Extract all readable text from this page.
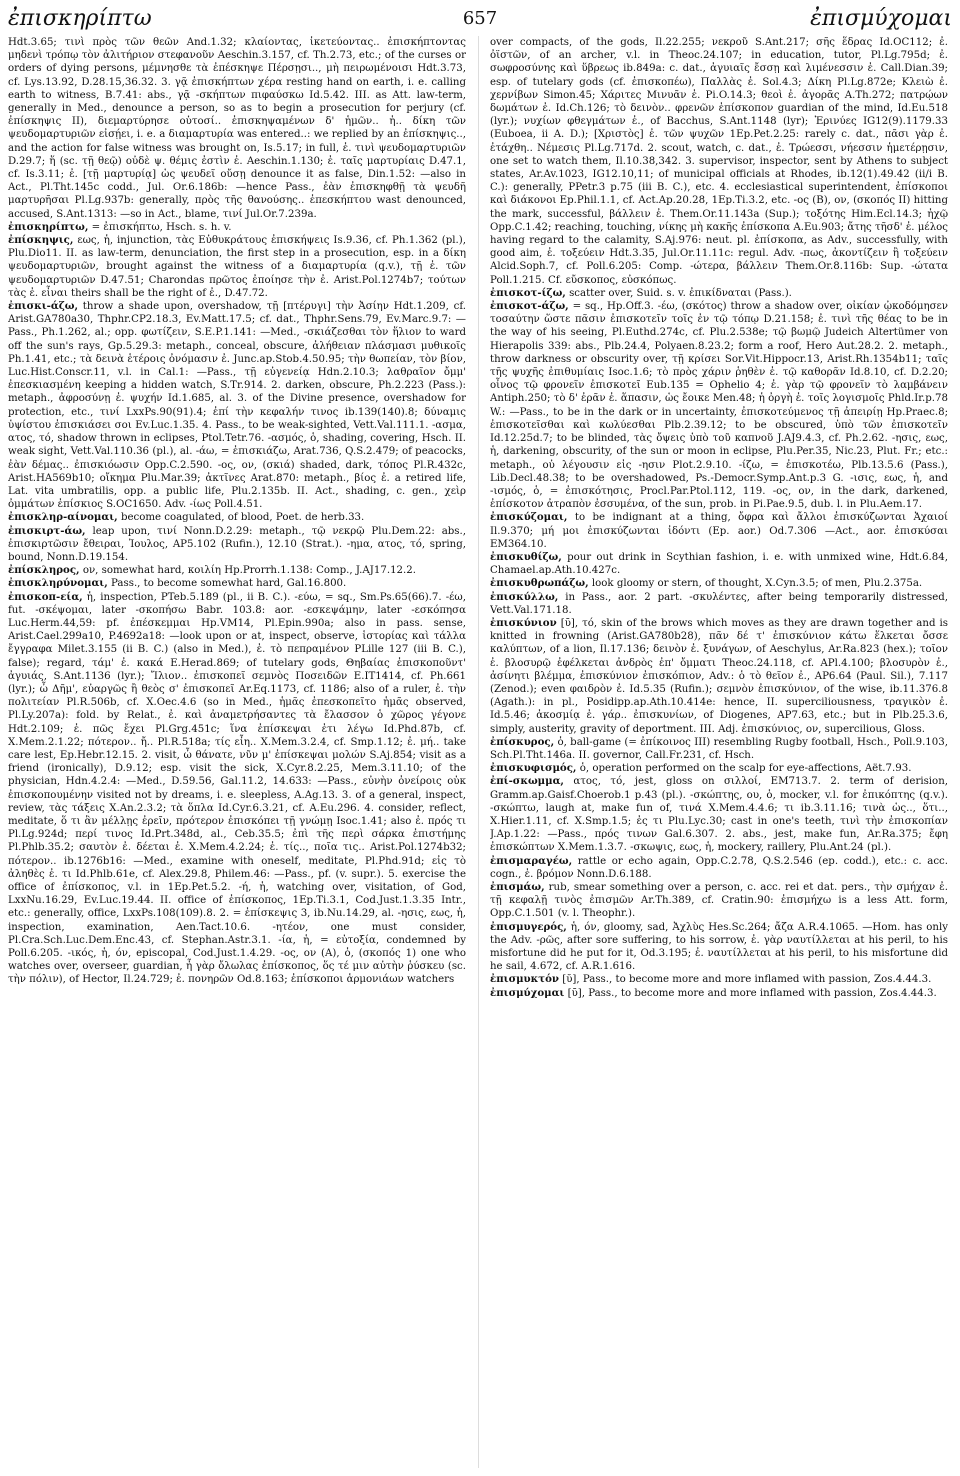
ἐπισκηρίπτω	657	ἐπισμύχομαι

Hdt.3.65; τινὶ πρὸς τῶν θεῶν And.1.32; κλαίοντας, ἱκετεύοντας.. ἐπισκήπτοντας μηδενὶ τρόπῳ τὸν ἀλιτήριον στεφανοῦν Aeschin.3.157, cf. Th.2.73, etc.; of the curses or orders of dying persons, μέμνησθε τὰ ἐπέσκηψε Πέρσῃσι.., μὴ πειρωμένοισι Hdt.3.73, cf. Lys.13.92, D.28.15,36.32. 3. γᾷ ἐπισκήπτων χέρα resting hand on earth, i. e. calling earth to witness, B.7.41: abs., γᾷ -σκήπτων πιφαύσκω Id.5.42. III. as Att. law-term, generally in Med., denounce a person, so as to begin a prosecution for perjury (cf. ἐπίσκηψις II), διεμαρτύρησε οὑτοσί.. ἐπισκηψαμένων δ' ἡμῶν.. ἡ.. δίκη τῶν ψευδομαρτυριῶν εἰσῄει, i. e. a διαμαρτυρία was entered..: we replied by an ἐπίσκηψις.., and the action for false witness was brought on, Is.5.17; in full, ἐ. τινὶ ψευδομαρτυριῶν D.29.7; ἥ (sc. τῇ θεῷ) οὐδὲ ψ. θέμις ἐστὶν ἐ. Aeschin.1.130; ἐ. ταῖς μαρτυρίαις D.47.1, cf. Is.3.11; ἐ. [τῇ μαρτυρίᾳ] ὡς ψευδεῖ οὔσῃ denounce it as false, Din.1.52: —also in Act., Pl.Tht.145c codd., Jul. Or.6.186b: —hence Pass., ἐὰν ἐπισκηφθῇ τὰ ψευδῆ μαρτυρῆσαι Pl.Lg.937b: generally, πρὸς τῆς θανούσης.. ἐπεσκήπτου wast denounced, accused, S.Ant.1313: —so in Act., blame, τινί Jul.Or.7.239a.

ἐπισκηρίπτω, = ἐπισκήπτω, Hsch. s. h. v.

ἐπίσκηψις, εως, ἡ, injunction, τὰς Εὐθυκράτους ἐπισκήψεις Is.9.36, cf. Ph.1.362 (pl.), Plu.Dio11. II. as law-term, denunciation, the first step in a prosecution, esp. in a δίκη ψευδομαρτυριῶν, brought against the witness of a διαμαρτυρία (q.v.), τῇ ἐ. τῶν ψευδομαρτυριῶν D.47.51; Charondas πρῶτος ἐποίησε τὴν ἐ. Arist.Pol.1274b7; τούτων τὰς ἐ. εἶναι theirs shall be the right of ἐ., D.47.72.

ἐπισκι-άζω, throw a shade upon, overshadow, τῇ [πτέρυγι] τὴν Ἀσίην Hdt.1.209, cf. Arist.GA780a30, Thphr.CP2.18.3, Ev.Matt.17.5; cf. dat., Thphr.Sens.79, Ev.Marc.9.7: —Pass., Ph.1.262, al.; opp. φωτίζειν, S.E.P.1.141: —Med., -σκιάζεσθαι τὸν ἥλιον to ward off the sun's rays, Gp.5.29.3: metaph., conceal, obscure, ἀλήθειαν πλάσμασι μυθικοῖς Ph.1.41, etc.; τὰ δεινὰ ἑτέροις ὀνόμασιν ἐ. Junc.ap.Stob.4.50.95; τὴν θωπείαν, τὸν βίον, Luc.Hist.Conscr.11, v.l. in Cal.1: —Pass., τῇ εὐγενείᾳ Hdn.2.10.3; λαθραῖον ὄμμ' ἐπεσκιασμένη keeping a hidden watch, S.Tr.914. 2. darken, obscure, Ph.2.223 (Pass.): metaph., ἀφροσύνῃ ἐ. ψυχήν Id.1.685, al. 3. of the Divine presence, overshadow for protection, etc., τινί LxxPs.90(91).4; ἐπί τὴν κεφαλήν τινος ib.139(140).8; δύναμις ὑψίστου ἐπισκιάσει σοι Ev.Luc.1.35. 4. Pass., to be weak-sighted, Vett.Val.111.1. -ασμα, ατος, τό, shadow thrown in eclipses, Ptol.Tetr.76. -ασμός, ὁ, shading, covering, Hsch. II. weak sight, Vett.Val.110.36 (pl.), al. -άω, = ἐπισκιάζω, Arat.736, Q.S.2.479; of peacocks, ἐὰν δέμας.. ἐπισκιόωσιν Opp.C.2.590. -ος, ον, (σκιά) shaded, dark, τόπος Pl.R.432c, Arist.HA569b10; οἴκημα Plu.Mar.39; ἀκτῖνες Arat.870: metaph., βίος ἐ. a retired life, Lat. vita umbratilis, opp. a public life, Plu.2.135b. II. Act., shading, c. gen., χεὶρ ὀμμάτων ἐπίσκιος S.OC1650. Adv. -ίως Poll.4.51.

ἐπισκληρ-αίνομαι, become coagulated, of blood, Poet. de herb.33.

ἐπισκιρτ-άω, leap upon, τινί Nonn.D.2.29: metaph., τῷ νεκρῷ Plu.Dem.22: abs., ἐπισκιρτῶσιν ἔθειραι, Ἰουλος, AP5.102 (Rufin.), 12.10 (Strat.). -ημα, ατος, τό, spring, bound, Nonn.D.19.154.

ἐπίσκληρος, ον, somewhat hard, κοιλίη Hp.Prorrh.1.138: Comp., J.AJ17.12.2.

ἐπισκληρύνομαι, Pass., to become somewhat hard, Gal.16.800.

ἐπισκοπ-εία, ἡ, inspection, PTeb.5.189 (pl., ii B. C.). -εύω, = sq., Sm.Ps.65(66).7. -έω, fut. -σκέψομαι, later -σκοπήσω Babr. 103.8: aor. -εσκεψάμην, later -εσκόπησα Luc.Herm.44,59: pf. ἐπέσκεμμαι Hp.VM14, Pl.Epin.990a; also in pass. sense, Arist.Cael.299a10, P.4692a18: —look upon or at, inspect, observe, ἱστορίας καὶ τάλλα ἔγγραφα Milet.3.155 (ii B. C.) (also in Med.), ἐ. τὸ πεπραμένον PLille 127 (iii B. C.), false); regard, τάμ' ἐ. κακά E.Herad.869; of tutelary gods, Θηβαίας ἐπισκοποῦντ' ἀγυιάς, S.Ant.1136 (lyr.); Ἴλιον.. ἐπισκοπεῖ σεμνὸς Ποσειδῶν E.IT1414, cf. Ph.661 (lyr.); ὦ Δῆμ', εὐαργῶς ἢ θεὸς σ' ἐπισκοπεῖ Ar.Eq.1173, cf. 1186; also of a ruler, ἐ. τὴν πολιτείαν Pl.R.506b, cf. X.Oec.4.6 (so in Med., ἡμᾶς ἐπεσκοπεῖτο ἡμᾶς observed, Pl.Ly.207a): fold. by Relat., ἐ. καὶ ἀναμετρήσαντες τὰ ἔλασσον ὁ χῶρος γέγονε Hdt.2.109; ἐ. πῶς ἔχει Pl.Grg.451c; ἵνα ἐπίσκεψαι ἐτι λέγω Id.Phd.87b, cf. X.Mem.2.1.22; πότερον.. ἤ.. Pl.R.518a; τίς εἶη.. X.Mem.3.2.4, cf. Smp.1.12; ἐ. μή.. take care lest, Ep.Hebr.12.15. 2. visit, ὦ θάνατε, νῦν μ' ἐπίσκεψαι μολών S.Aj.854; visit as a friend (ironically), D.9.12; esp. visit the sick, X.Cyr.8.2.25, Mem.3.11.10; of the physician, Hdn.4.2.4: —Med., D.59.56, Gal.11.2, 14.633: —Pass., εὐνὴν ὀνείροις οὐκ ἐπισκοπουμένην visited not by dreams, i. e. sleepless, A.Ag.13. 3. of a general, inspect, review, τὰς τάξεις X.An.2.3.2; τὰ ὅπλα Id.Cyr.6.3.21, cf. A.Eu.296. 4. consider, reflect, meditate, ὅ τι ἂν μέλλῃς ἐρεῖν, πρότερον ἐπισκόπει τῇ γνώμῃ Isoc.1.41; also ἐ. πρός τι Pl.Lg.924d; περί τινος Id.Prt.348d, al., Ceb.35.5; ἐπὶ τῆς περὶ σάρκα ἐπιστήμης Pl.Phlb.35.2; σαυτὸν ἐ. δέεται ἐ. X.Mem.4.2.24; ἐ. τίς.., ποῖα τις.. Arist.Pol.1274b32; πότερον.. ib.1276b16: —Med., examine with oneself, meditate, Pl.Phd.91d; εἰς τὸ ἀληθὲς ἐ. τι Id.Phlb.61e, cf. Alex.29.8, Philem.46: —Pass., pf. (v. supr.). 5. exercise the office of ἐπίσκοπος, v.l. in 1Ep.Pet.5.2. -ή, ἡ, watching over, visitation, of God, LxxNu.16.29, Ev.Luc.19.44. II. office of ἐπίσκοπος, 1Ep.Ti.3.1, Cod.Just.1.3.35 Intr., etc.: generally, office, LxxPs.108(109).8. 2. = ἐπίσκεψις 3, ib.Nu.14.29, al. -ησις, εως, ἡ, inspection, examination, Aen.Tact.10.6. -ητέον, one must consider, Pl.Cra.Sch.Luc.Dem.Enc.43, cf. Stephan.Astr.3.1. -ία, ἡ, = εὐτοξία, condemned by Poll.6.205. -ικός, ἡ, όν, episcopal, Cod.Just.1.4.29. -ος, ον (A), ὁ, (σκοπός 1) one who watches over, overseer, guardian, ἦ γὰρ ὄλωλας ἐπίσκοπος, ὅς τέ μιν αὐτὴν ῥύσκευ (sc. τὴν πόλιν), of Hector, Il.24.729; ἐ. πονηρῶν Od.8.163; ἐπίσκοποι ἁρμονιάων watchers

over compacts, of the gods, Il.22.255; νεκροῦ S.Ant.217; σῆς ἕδρας Id.OC112; ἐ. ὀϊστῶν, of an archer, v.l. in Theoc.24.107; in education, tutor, Pl.Lg.795d; ἐ. σωφροσύνης καὶ ὕβρεως ib.849a: c. dat., ἀγυιαῖς ἔσσῃ καὶ λιμένεσσιν ἐ. Call.Dian.39; esp. of tutelary gods (cf. ἐπισκοπέω), Παλλὰς ἐ. Sol.4.3; Δίκη Pl.Lg.872e; Κλειὼ ἐ. χερνίβων Simon.45; Χάριτες Μινυᾶν ἐ. Pi.O.14.3; θεοὶ ἐ. ἀγορᾶς A.Th.272; πατρῴων δωμάτων ἐ. Id.Ch.126; τὸ δεινὸν.. φρενῶν ἐπίσκοπον guardian of the mind, Id.Eu.518 (lyr.); νυχίων φθεγμάτων ἐ., of Bacchus, S.Ant.1148 (lyr); Ἐρινύες IG12(9).1179.33 (Euboea, ii A. D.); [Χριστὸς] ἐ. τῶν ψυχῶν 1Ep.Pet.2.25: rarely c. dat., πᾶσι γὰρ ἐ. ἐτάχθη.. Νέμεσις Pl.Lg.717d. 2. scout, watch, c. dat., ἐ. Τρώεσσι, νήεσσιν ἡμετέρῃσιν, one set to watch them, Il.10.38,342. 3. supervisor, inspector, sent by Athens to subject states, Ar.Av.1023, IG12.10,11; of municipal officials at Rhodes, ib.12(1).49.42 (ii/i B. C.): generally, PPetr.3 p.75 (iii B. C.), etc. 4. ecclesiastical superintendent, ἐπίσκοποι καὶ διάκονοι Ep.Phil.1.1, cf. Act.Ap.20.28, 1Ep.Ti.3.2, etc. -ος (B), ον, (σκοπός II) hitting the mark, successful, βάλλειν ἐ. Them.Or.11.143a (Sup.); τοξότης Him.Ecl.14.3; ἠχῷ Opp.C.1.42; reaching, touching, νίκης μὴ κακῆς ἐπίσκοπα A.Eu.903; ἄτης τῆσδ' ἐ. μέλος having regard to the calamity, S.Aj.976: neut. pl. ἐπίσκοπα, as Adv., successfully, with good aim, ἐ. τοξεύειν Hdt.3.35, Jul.Or.11.11c: regul. Adv. -πως, ἀκοντίζειν ἢ τοξεύειν Alcid.Soph.7, cf. Poll.6.205: Comp. -ώτερα, βάλλειν Them.Or.8.116b: Sup. -ώτατα Poll.1.215. Cf. εὔσκοπος, εὐσκόπως.

ἐπισκοτ-ίζω, scatter over, Suid. s. v. ἐπικίδναται (Pass.).

ἐπισκοτ-άζω, = sq., Hp.Off.3. -έω, (σκότος) throw a shadow over, οἰκίαν ᾠκοδόμησεν τοσαύτην ὥστε πᾶσιν ἐπισκοτεῖν τοῖς ἐν τῷ τόπῳ D.21.158; ἐ. τινὶ τῆς θέας to be in the way of his seeing, Pl.Euthd.274c, cf. Plu.2.538e; τῷ βωμῷ Judeich Altertümer von Hierapolis 339: abs., Plb.24.4, Polyaen.8.23.2; form a roof, Hero Aut.28.2. 2. metaph., throw darkness or obscurity over, τῇ κρίσει Sor.Vit.Hippocr.13, Arist.Rh.1354b11; ταῖς τῆς ψυχῆς ἐπιθυμίαις Isoc.1.6; τὸ πρὸς χάριν ῥηθὲν ἐ. τῷ καθορᾶν Id.8.10, cf. D.2.20; οἶνος τῷ φρονεῖν ἐπισκοτεῖ Eub.135 = Ophelio 4; ἐ. γὰρ τῷ φρονεῖν τὸ λαμβάνειν Antiph.250; τὸ δ' ἐρᾶν ἐ. ἅπασιν, ὡς ἔοικε Men.48; ἡ ὀργὴ ἐ. τοῖς λογισμοῖς Phld.Ir.p.78 W.: —Pass., to be in the dark or in uncertainty, ἐπισκοτεύμενος τῇ ἀπειρίῃ Hp.Praec.8; ἐπισκοτεῖσθαι καὶ κωλύεσθαι Plb.2.39.12; to be obscured, ὑπὸ τῶν ἐπισκοτεῖν Id.12.25d.7; to be blinded, τὰς ὄψεις ὑπὸ τοῦ καπνοῦ J.AJ9.4.3, cf. Ph.2.62. -ησις, εως, ἡ, darkening, obscurity, of the sun or moon in eclipse, Plu.Per.35, Nic.23, Plut. Fr.; etc.: metaph., οὐ λέγουσιν εἰς -ησιν Plot.2.9.10. -ίζω, = ἐπισκοτέω, Plb.13.5.6 (Pass.), Lib.Decl.48.38; to be overshadowed, Ps.-Democr.Symp.Ant.p.3 G. -ισις, εως, ἡ, and -ισμός, ὁ, = ἐπισκότησις, Procl.Par.Ptol.112, 119. -ος, ον, in the dark, darkened, ἐπίσκοτον ἀτραπὸν ἐσσυμένα, of the sun, prob. in Pi.Pae.9.5, dub. l. in Plu.Aem.17.

ἐπισκύζομαι, to be indignant at a thing, ὄφρα καὶ ἄλλοι ἐπισκύζωνται Ἀχαιοί Il.9.370; μή μοι ἐπισκύζωνται ἰδόντι (Ep. aor.) Od.7.306 —Act., aor. ἐπισκύσαι EM364.10.

ἐπισκυθίζω, pour out drink in Scythian fashion, i. e. with unmixed wine, Hdt.6.84, Chamael.ap.Ath.10.427c.

ἐπισκυθρωπάζω, look gloomy or stern, of thought, X.Cyn.3.5; of men, Plu.2.375a.

ἐπισκύλλω, in Pass., aor. 2 part. -σκυλέντες, after being temporarily distressed, Vett.Val.171.18.

ἐπισκύνιον [ῡ], τό, skin of the brows which moves as they are drawn together and is knitted in frowning (Arist.GA780b28), πᾶν δέ τ' ἐπισκύνιον κάτω ἕλκεται ὄσσε καλύπτων, of a lion, Il.17.136; δεινὸν ἐ. ξυνάγων, of Aeschylus, Ar.Ra.823 (hex.); τοῖον ἐ. βλοσυρῷ ἐφέλκεται ἀνδρὸς ἐπ' ὄμματι Theoc.24.118, cf. APl.4.100; βλοσυρὸν ἐ., ἀσίνητι βλέμμα, ἐπισκύνιον ἐπισκόπιον, Adv.: ὁ τὸ θεῖον ἐ., AP6.64 (Paul. Sil.), 7.117 (Zenod.); even φαιδρὸν ἐ. Id.5.35 (Rufin.); σεμνὸν ἐπισκύνιον, of the wise, ib.11.376.8 (Agath.): in pl., Posidipp.ap.Ath.10.414e: hence, II. superciliousness, τραγικὸν ἐ. Id.5.46; ἀκοσμίᾳ ἐ. γάρ.. ἐπισκυνίων, of Diogenes, AP7.63, etc.; but in Plb.25.3.6, simply, austerity, gravity of deportment. III. Adj. ἐπισκύνιος, ον, supercilious, Gloss.

ἐπίσκυρος, ὁ, ball-game (= ἐπίκοινος III) resembling Rugby football, Hsch., Poll.9.103, Sch.Pl.Tht.146a. II. governor, Call.Fr.231, cf. Hsch.

ἐπισκυφισμός, ὁ, operation performed on the scalp for eye-affections, Aët.7.93.

ἐπί-σκωμμα, ατος, τό, jest, gloss on σιλλοί, EM713.7. 2. term of derision, Gramm.ap.Gaisf.Choerob.1 p.43 (pl.). -σκώπτης, ου, ὁ, mocker, v.l. for ἐπικόπτης (q.v.). -σκώπτω, laugh at, make fun of, τινά X.Mem.4.4.6; τι ib.3.11.16; τινὰ ὡς.., ὅτι.., X.Hier.1.11, cf. X.Smp.1.5; ἐς τι Plu.Lyc.30; cast in one's teeth, τινὶ τὴν ἐπισκοπίαν J.Ap.1.22: —Pass., πρός τινων Gal.6.307. 2. abs., jest, make fun, Ar.Ra.375; ἔφη ἐπισκώπτων X.Mem.1.3.7. -σκωψις, εως, ἡ, mockery, raillery, Plu.Ant.24 (pl.).

ἐπισμαραγέω, rattle or echo again, Opp.C.2.78, Q.S.2.546 (ep. codd.), etc.: c. acc. cogn., ἐ. βρόμον Nonn.D.6.188.

ἐπισμάω, rub, smear something over a person, c. acc. rei et dat. pers., τὴν σμήχαν ἐ. τῇ κεφαλῇ τινὸς ἐπισμῶν Ar.Th.389, cf. Cratin.90: ἐπισμήχω is a less Att. form, Opp.C.1.501 (v. l. Theophr.).

ἐπισμυγερός, ἡ, όν, gloomy, sad, Ἀχλὺς Hes.Sc.264; ἄζα A.R.4.1065. —Hom. has only the Adv. -ρῶς, after sore suffering, to his sorrow, ἐ. γὰρ ναυτίλλεται at his peril, to his misfortune did he put for it, Od.3.195; ἐ. ναυτίλλεται at his peril, to his misfortune did he sail, 4.672, cf. A.R.1.616.

ἐπισμυκτόν [ῠ], Pass., to become more and more inflamed with passion, Zos.4.44.3.

ἐπισμύχομαι [ῡ], Pass., to become more and more inflamed with passion, Zos.4.44.3.
